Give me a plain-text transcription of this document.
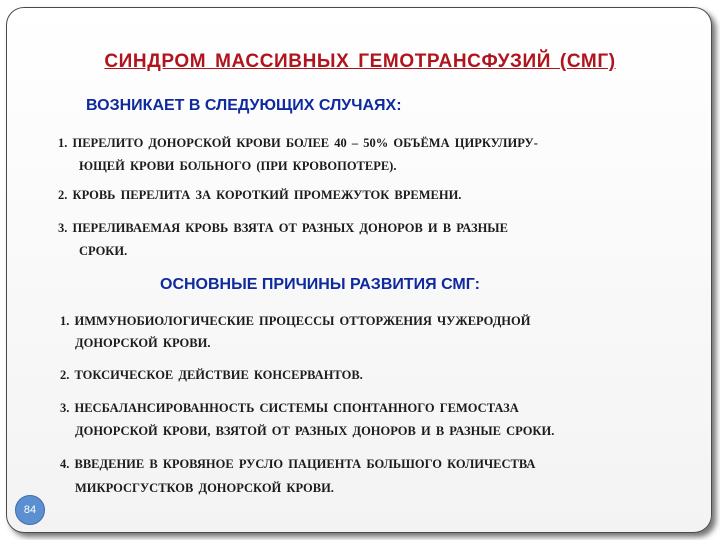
СИНДРОМ МАССИВНЫХ ГЕМОТРАНСФУЗИЙ (СМГ)
ВОЗНИКАЕТ В СЛЕДУЮЩИХ СЛУЧАЯХ:
1. ПЕРЕЛИТО ДОНОРСКОЙ КРОВИ БОЛЕЕ 40 – 50% ОБЪЁМА ЦИРКУЛИРУ-
ЮЩЕЙ КРОВИ БОЛЬНОГО (ПРИ КРОВОПОТЕРЕ).
2. КРОВЬ ПЕРЕЛИТА ЗА КОРОТКИЙ ПРОМЕЖУТОК ВРЕМЕНИ.
3. ПЕРЕЛИВАЕМАЯ КРОВЬ ВЗЯТА ОТ РАЗНЫХ ДОНОРОВ И В РАЗНЫЕ
СРОКИ.
ОСНОВНЫЕ ПРИЧИНЫ РАЗВИТИЯ СМГ:
1. ИММУНОБИОЛОГИЧЕСКИЕ ПРОЦЕССЫ ОТТОРЖЕНИЯ ЧУЖЕРОДНОЙ
ДОНОРСКОЙ КРОВИ.
2. ТОКСИЧЕСКОЕ ДЕЙСТВИЕ КОНСЕРВАНТОВ.
3. НЕСБАЛАНСИРОВАННОСТЬ СИСТЕМЫ СПОНТАННОГО ГЕМОСТАЗА
ДОНОРСКОЙ КРОВИ, ВЗЯТОЙ ОТ РАЗНЫХ ДОНОРОВ И В РАЗНЫЕ СРОКИ.
4. ВВЕДЕНИЕ В КРОВЯНОЕ РУСЛО ПАЦИЕНТА БОЛЬШОГО КОЛИЧЕСТВА
МИКРОСГУСТКОВ ДОНОРСКОЙ КРОВИ.
84
